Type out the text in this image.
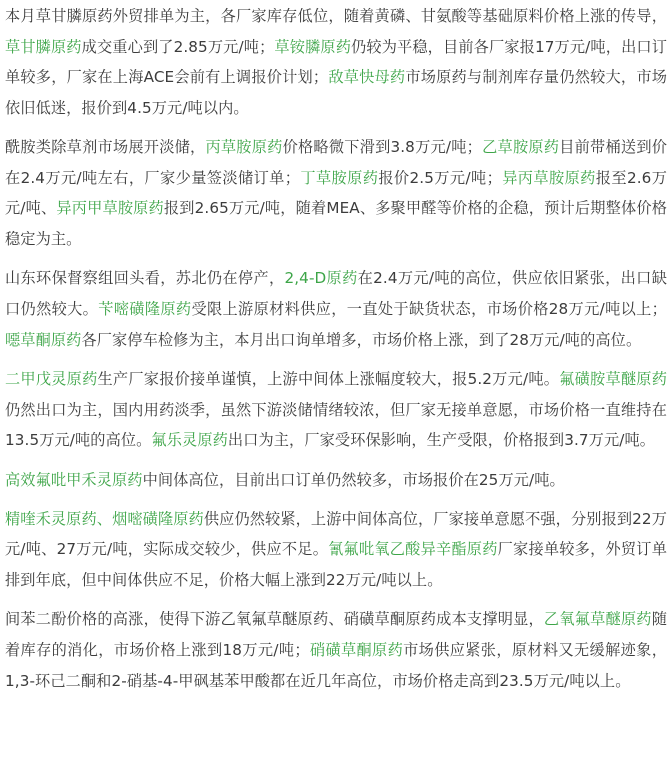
本月草甘膦原药外贸排单为主，各厂家库存低位，随着黄磷、甘氨酸等基础原料价格上涨的传导，草甘膦原药成交重心到了2.85万元/吨；草铵膦原药仍较为平稳，目前各厂家报17万元/吨，出口订单较多，厂家在上海ACE会前有上调报价计划；敌草快母药市场原药与制剂库存量仍然较大，市场依旧低迷，报价到4.5万元/吨以内。

酰胺类除草剂市场展开淡储，丙草胺原药价格略微下滑到3.8万元/吨；乙草胺原药目前带桶送到价在2.4万元/吨左右，厂家少量签淡储订单；丁草胺原药报价2.5万元/吨；异丙草胺原药报至2.6万元/吨、异丙甲草胺原药报到2.65万元/吨，随着MEA、多聚甲醛等价格的企稳，预计后期整体价格稳定为主。

山东环保督察组回头看，苏北仍在停产，2,4-D原药在2.4万元/吨的高位，供应依旧紧张，出口缺口仍然较大。苄嘧磺隆原药受限上游原材料供应，一直处于缺货状态，市场价格28万元/吨以上；噁草酮原药各厂家停车检修为主，本月出口询单增多，市场价格上涨，到了28万元/吨的高位。

二甲戊灵原药生产厂家报价接单谨慎，上游中间体上涨幅度较大，报5.2万元/吨。氟磺胺草醚原药仍然出口为主，国内用药淡季，虽然下游淡储情绪较浓，但厂家无接单意愿，市场价格一直维持在13.5万元/吨的高位。氟乐灵原药出口为主，厂家受环保影响，生产受限，价格报到3.7万元/吨。

高效氟吡甲禾灵原药中间体高位，目前出口订单仍然较多，市场报价在25万元/吨。

精喹禾灵原药、烟嘧磺隆原药供应仍然较紧，上游中间体高位，厂家接单意愿不强，分别报到22万元/吨、27万元/吨，实际成交较少，供应不足。氰氟吡氧乙酸异辛酯原药厂家接单较多，外贸订单排到年底，但中间体供应不足，价格大幅上涨到22万元/吨以上。

间苯二酚价格的高涨，使得下游乙氧氟草醚原药、硝磺草酮原药成本支撑明显，乙氧氟草醚原药随着库存的消化，市场价格上涨到18万元/吨；硝磺草酮原药市场供应紧张，原材料又无缓解迹象，1,3-环己二酮和2-硝基-4-甲砜基苯甲酸都在近几年高位，市场价格走高到23.5万元/吨以上。
